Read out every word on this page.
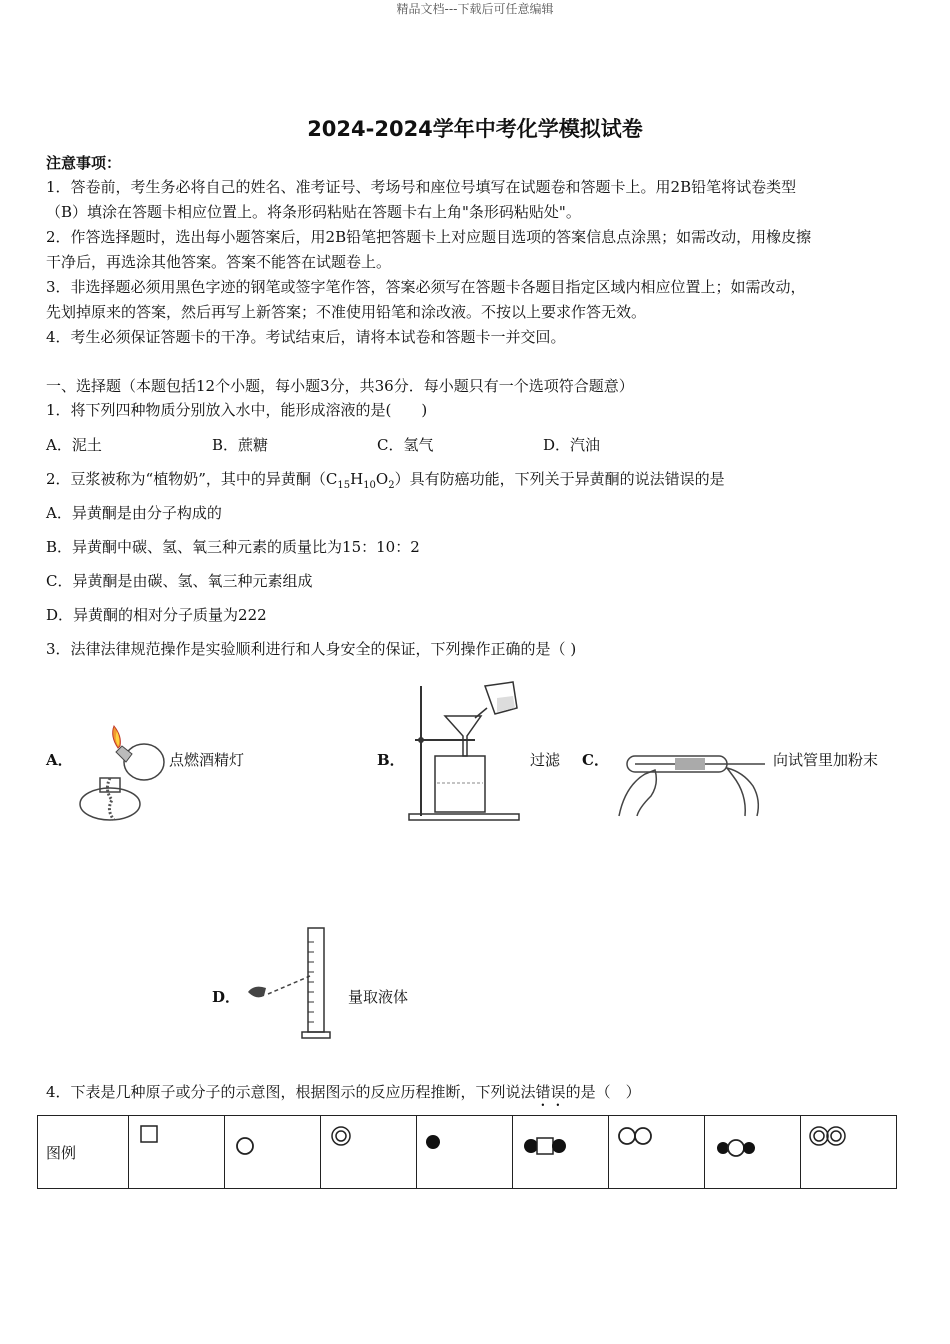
精品文档---下载后可任意编辑
2024-2024学年中考化学模拟试卷
注意事项：
1．答卷前，考生务必将自己的姓名、准考证号、考场号和座位号填写在试题卷和答题卡上。用2B铅笔将试卷类型
（B）填涂在答题卡相应位置上。将条形码粘贴在答题卡右上角"条形码粘贴处"。
2．作答选择题时，选出每小题答案后，用2B铅笔把答题卡上对应题目选项的答案信息点涂黑；如需改动，用橡皮擦
干净后，再选涂其他答案。答案不能答在试题卷上。
3．非选择题必须用黑色字迹的钢笔或签字笔作答，答案必须写在答题卡各题目指定区域内相应位置上；如需改动，
先划掉原来的答案，然后再写上新答案；不准使用铅笔和涂改液。不按以上要求作答无效。
4．考生必须保证答题卡的干净。考试结束后，请将本试卷和答题卡一并交回。
一、选择题（本题包括12个小题，每小题3分，共36分．每小题只有一个选项符合题意）
1．将下列四种物质分别放入水中，能形成溶液的是(　　)
A．泥土	B．蔗糖	C．氢气	D．汽油
2．豆浆被称为“植物奶”，其中的异黄酮$(C_{15}H_{10}O_2)$具有防癌功能，下列关于异黄酮的说法错误的是
A．异黄酮是由分子构成的
B．异黄酮中碳、氢、氧三种元素的质量比为15：10：2
C．异黄酮是由碳、氢、氧三种元素组成
D．异黄酮的相对分子质量为222
3．法律法律规范操作是实验顺利进行和人身安全的保证，下列操作正确的是（ )
A．	点燃酒精灯	B．	过滤 C．	向试管里加粉末
D．	量取液体
4．下表是几种原子或分子的示意图，根据图示的反应历程推断，下列说法错误的是（　）
图例	
